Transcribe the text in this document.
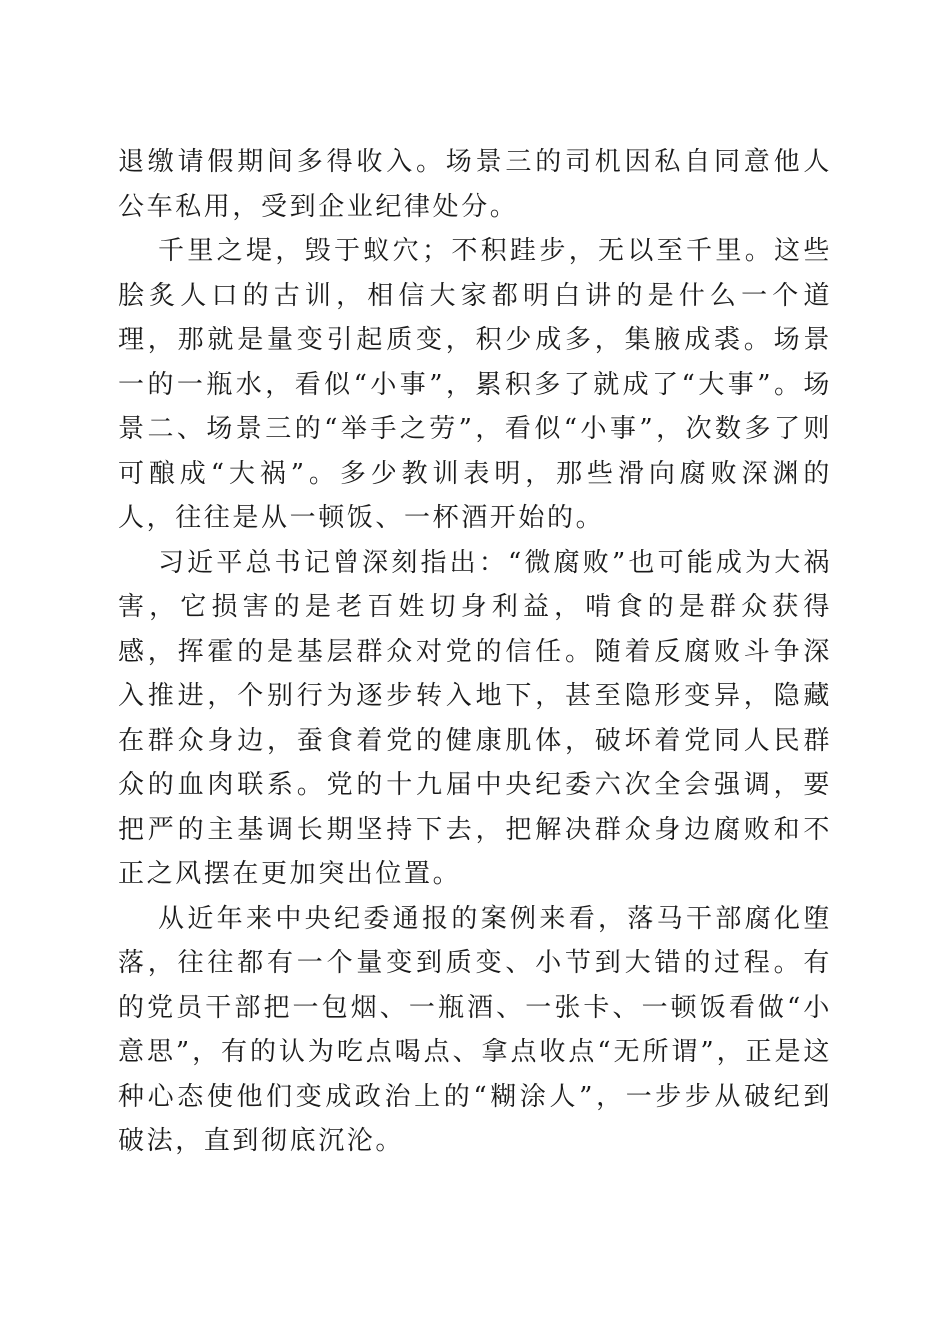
退缴请假期间多得收入。场景三的司机因私自同意他人公车私用，受到企业纪律处分。

千里之堤，毁于蚁穴；不积跬步，无以至千里。这些脍炙人口的古训，相信大家都明白讲的是什么一个道理，那就是量变引起质变，积少成多，集腋成裘。场景一的一瓶水，看似“小事”，累积多了就成了“大事”。场景二、场景三的“举手之劳”，看似“小事”，次数多了则可酿成“大祸”。多少教训表明，那些滑向腐败深渊的人，往往是从一顿饭、一杯酒开始的。

习近平总书记曾深刻指出：“微腐败”也可能成为大祸害，它损害的是老百姓切身利益，啃食的是群众获得感，挥霍的是基层群众对党的信任。随着反腐败斗争深入推进，个别行为逐步转入地下，甚至隐形变异，隐藏在群众身边，蚕食着党的健康肌体，破坏着党同人民群众的血肉联系。党的十九届中央纪委六次全会强调，要把严的主基调长期坚持下去，把解决群众身边腐败和不正之风摆在更加突出位置。

从近年来中央纪委通报的案例来看，落马干部腐化堕落，往往都有一个量变到质变、小节到大错的过程。有的党员干部把一包烟、一瓶酒、一张卡、一顿饭看做“小意思”，有的认为吃点喝点、拿点收点“无所谓”，正是这种心态使他们变成政治上的“糊涂人”，一步步从破纪到破法，直到彻底沉沦。
